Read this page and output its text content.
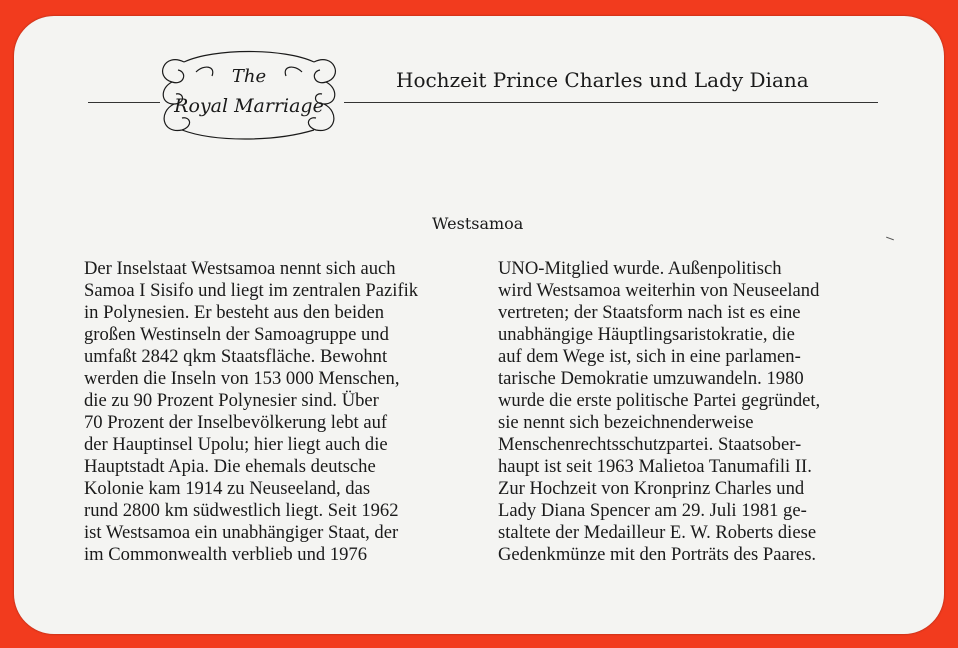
The
Royal Marriage
Hochzeit Prince Charles und Lady Diana
Westsamoa

Der Inselstaat Westsamoa nennt sich auch
Samoa I Sisifo und liegt im zentralen Pazifik
in Polynesien. Er besteht aus den beiden
großen Westinseln der Samoagruppe und
umfaßt 2842 qkm Staatsfläche. Bewohnt
werden die Inseln von 153 000 Menschen,
die zu 90 Prozent Polynesier sind. Über
70 Prozent der Inselbevölkerung lebt auf
der Hauptinsel Upolu; hier liegt auch die
Hauptstadt Apia. Die ehemals deutsche
Kolonie kam 1914 zu Neuseeland, das
rund 2800 km südwestlich liegt. Seit 1962
ist Westsamoa ein unabhängiger Staat, der
im Commonwealth verblieb und 1976

UNO-Mitglied wurde. Außenpolitisch
wird Westsamoa weiterhin von Neuseeland
vertreten; der Staatsform nach ist es eine
unabhängige Häuptlingsaristokratie, die
auf dem Wege ist, sich in eine parlamen-
tarische Demokratie umzuwandeln. 1980
wurde die erste politische Partei gegründet,
sie nennt sich bezeichnenderweise
Menschenrechtsschutzpartei. Staatsober-
haupt ist seit 1963 Malietoa Tanumafili II.
Zur Hochzeit von Kronprinz Charles und
Lady Diana Spencer am 29. Juli 1981 ge-
staltete der Medailleur E. W. Roberts diese
Gedenkmünze mit den Porträts des Paares.
